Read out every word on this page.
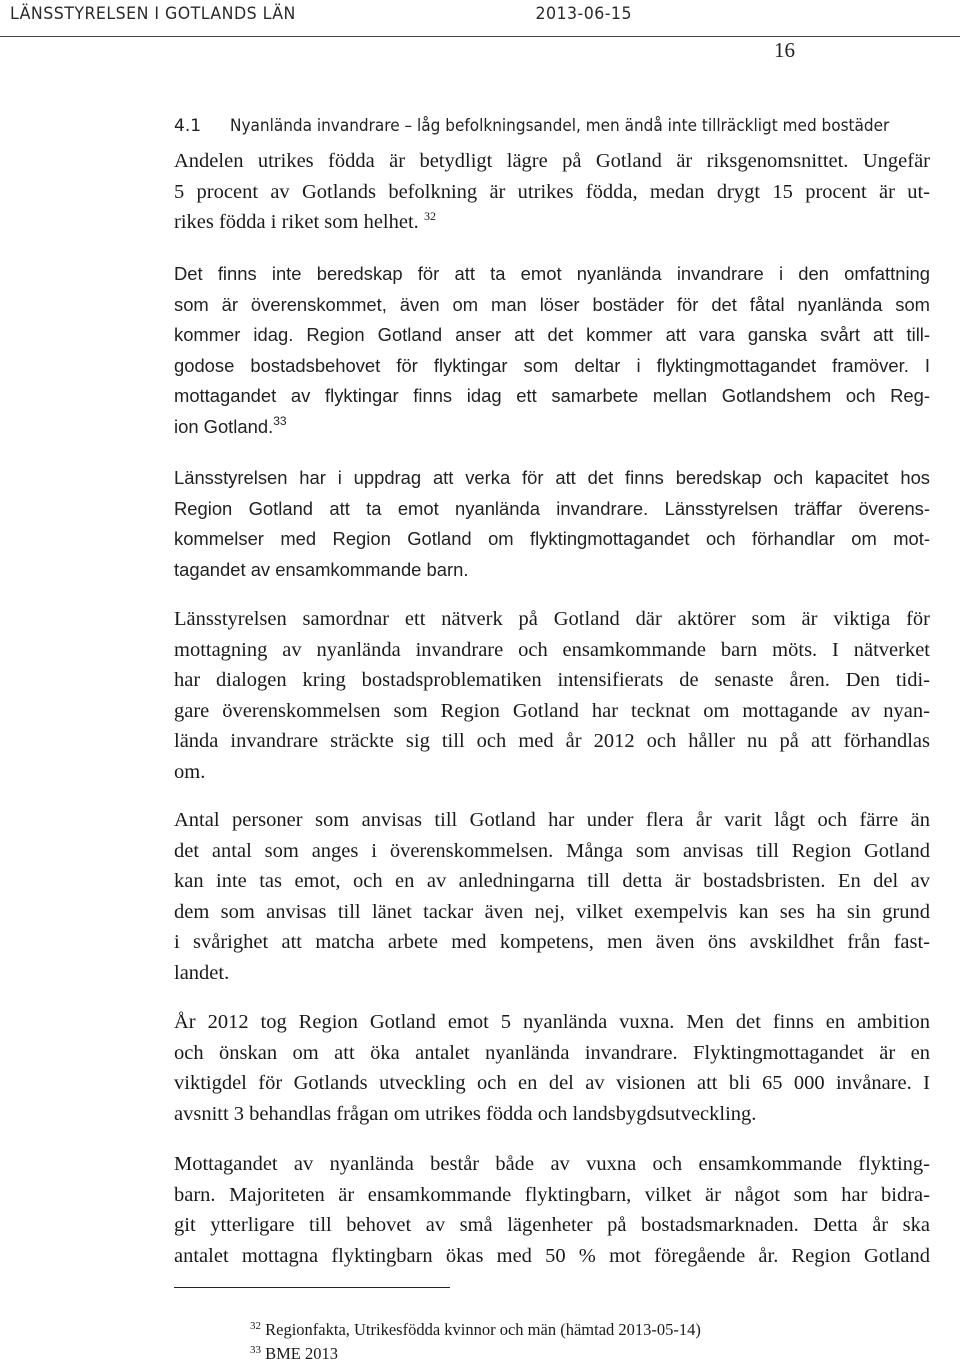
LÄNSSTYRELSEN I GOTLANDS LÄN	2013-06-15
16
4.1 Nyanlända invandrare – låg befolkningsandel, men ändå inte tillräckligt med bostäder
Andelen utrikes födda är betydligt lägre på Gotland är riksgenomsnittet. Ungefär
5 procent av Gotlands befolkning är utrikes födda, medan drygt 15 procent är ut-
rikes födda i riket som helhet. $^{32}$
Det finns inte beredskap för att ta emot nyanlända invandrare i den omfattning
som är överenskommet, även om man löser bostäder för det fåtal nyanlända som
kommer idag. Region Gotland anser att det kommer att vara ganska svårt att till-
godose bostadsbehovet för flyktingar som deltar i flyktingmottagandet framöver. I
mottagandet av flyktingar finns idag ett samarbete mellan Gotlandshem och Reg-
ion Gotland.$^{33}$
Länsstyrelsen har i uppdrag att verka för att det finns beredskap och kapacitet hos
Region Gotland att ta emot nyanlända invandrare. Länsstyrelsen träffar överens-
kommelser med Region Gotland om flyktingmottagandet och förhandlar om mot-
tagandet av ensamkommande barn.
Länsstyrelsen samordnar ett nätverk på Gotland där aktörer som är viktiga för
mottagning av nyanlända invandrare och ensamkommande barn möts. I nätverket
har dialogen kring bostadsproblematiken intensifierats de senaste åren. Den tidi-
gare överenskommelsen som Region Gotland har tecknat om mottagande av nyan-
lända invandrare sträckte sig till och med år 2012 och håller nu på att förhandlas
om.
Antal personer som anvisas till Gotland har under flera år varit lågt och färre än
det antal som anges i överenskommelsen. Många som anvisas till Region Gotland
kan inte tas emot, och en av anledningarna till detta är bostadsbristen. En del av
dem som anvisas till länet tackar även nej, vilket exempelvis kan ses ha sin grund
i svårighet att matcha arbete med kompetens, men även öns avskildhet från fast-
landet.
År 2012 tog Region Gotland emot 5 nyanlända vuxna. Men det finns en ambition
och önskan om att öka antalet nyanlända invandrare. Flyktingmottagandet är en
viktigdel för Gotlands utveckling och en del av visionen att bli 65 000 invånare. I
avsnitt 3 behandlas frågan om utrikes födda och landsbygdsutveckling.
Mottagandet av nyanlända består både av vuxna och ensamkommande flykting-
barn. Majoriteten är ensamkommande flyktingbarn, vilket är något som har bidra-
git ytterligare till behovet av små lägenheter på bostadsmarknaden. Detta år ska
antalet mottagna flyktingbarn ökas med 50 % mot föregående år. Region Gotland
$^{32}$ Regionfakta, Utrikesfödda kvinnor och män (hämtad 2013-05-14)
$^{33}$ BME 2013
